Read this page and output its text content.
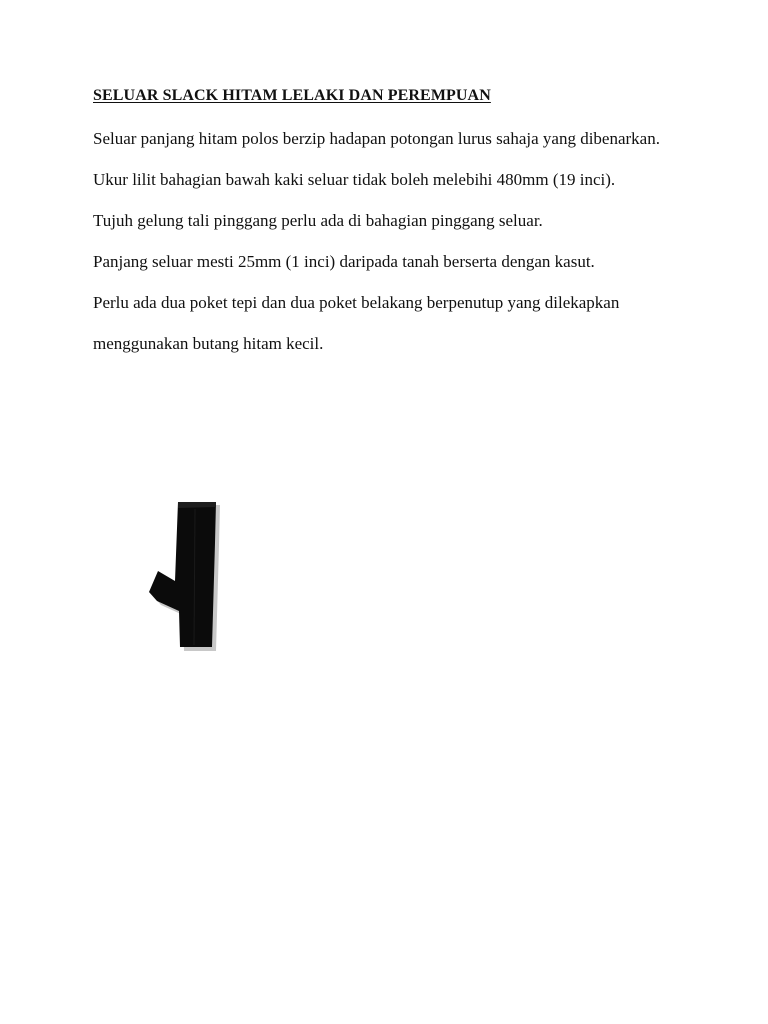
SELUAR SLACK HITAM LELAKI DAN PEREMPUAN

Seluar panjang hitam polos berzip hadapan potongan lurus sahaja yang dibenarkan.

Ukur lilit bahagian bawah kaki seluar tidak boleh melebihi 480mm (19 inci).

Tujuh gelung tali pinggang perlu ada di bahagian pinggang seluar.

Panjang seluar mesti 25mm (1 inci) daripada tanah berserta dengan kasut.

Perlu ada dua poket tepi dan dua poket belakang berpenutup yang dilekapkan menggunakan butang hitam kecil.
